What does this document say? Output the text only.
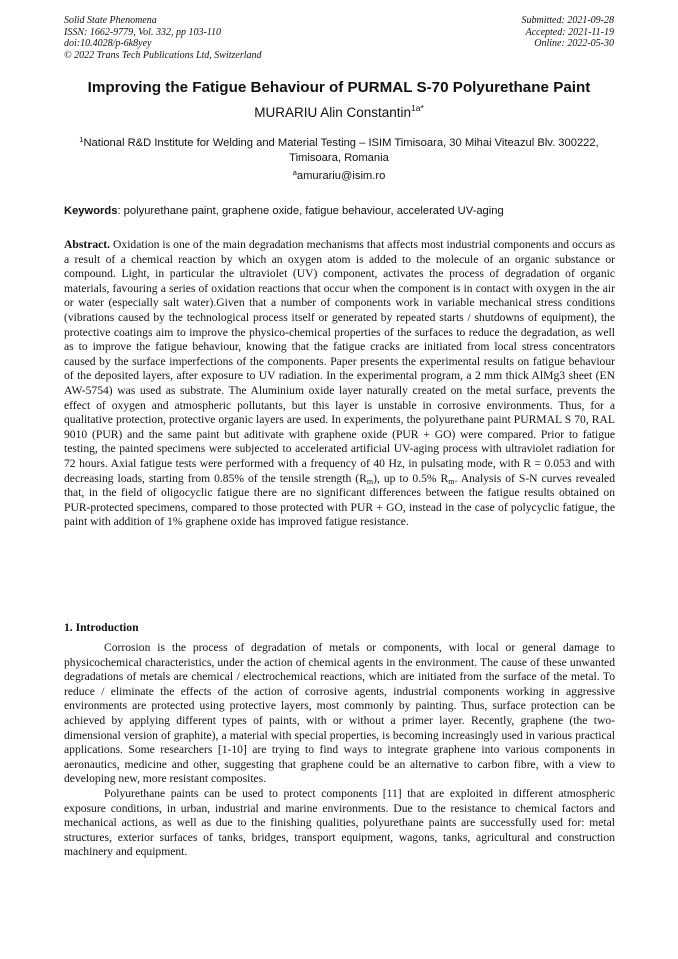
Solid State Phenomena
ISSN: 1662-9779, Vol. 332, pp 103-110
doi:10.4028/p-6k8yey
© 2022 Trans Tech Publications Ltd, Switzerland
Submitted: 2021-09-28
Accepted: 2021-11-19
Online: 2022-05-30
Improving the Fatigue Behaviour of PURMAL S-70 Polyurethane Paint
MURARIU Alin Constantin$^{1a*}$
$^1$National R&D Institute for Welding and Material Testing – ISIM Timisoara, 30 Mihai Viteazul Blv. 300222, Timisoara, Romania
$^a$amurariu@isim.ro
Keywords: polyurethane paint, graphene oxide, fatigue behaviour, accelerated UV-aging

Abstract. Oxidation is one of the main degradation mechanisms that affects most industrial components and occurs as a result of a chemical reaction by which an oxygen atom is added to the molecule of an organic substance or compound. Light, in particular the ultraviolet (UV) component, activates the process of degradation of organic materials, favouring a series of oxidation reactions that occur when the component is in contact with oxygen in the air or water (especially salt water).Given that a number of components work in variable mechanical stress conditions (vibrations caused by the technological process itself or generated by repeated starts / shutdowns of equipment), the protective coatings aim to improve the physico-chemical properties of the surfaces to reduce the degradation, as well as to improve the fatigue behaviour, knowing that the fatigue cracks are initiated from local stress concentrators caused by the surface imperfections of the components. Paper presents the experimental results on fatigue behaviour of the deposited layers, after exposure to UV radiation. In the experimental program, a 2 mm thick AlMg3 sheet (EN AW-5754) was used as substrate. The Aluminium oxide layer naturally created on the metal surface, prevents the effect of oxygen and atmospheric pollutants, but this layer is unstable in corrosive environments. Thus, for a qualitative protection, protective organic layers are used. In experiments, the polyurethane paint PURMAL S 70, RAL 9010 (PUR) and the same paint but aditivate with graphene oxide (PUR + GO) were compared. Prior to fatigue testing, the painted specimens were subjected to accelerated artificial UV-aging process with ultraviolet radiation for 72 hours. Axial fatigue tests were performed with a frequency of 40 Hz, in pulsating mode, with R = 0.053 and with decreasing loads, starting from 0.85% of the tensile strength $(R_m)$, up to 0.5% $R_m$. Analysis of S-N curves revealed that, in the field of oligocyclic fatigue there are no significant differences between the fatigue results obtained on PUR-protected specimens, compared to those protected with PUR + GO, instead in the case of polycyclic fatigue, the paint with addition of 1% graphene oxide has improved fatigue resistance.

1. Introduction

Corrosion is the process of degradation of metals or components, with local or general damage to physicochemical characteristics, under the action of chemical agents in the environment. The cause of these unwanted degradations of metals are chemical / electrochemical reactions, which are initiated from the surface of the metal. To reduce / eliminate the effects of the action of corrosive agents, industrial components working in aggressive environments are protected using protective layers, most commonly by painting. Thus, surface protection can be achieved by applying different types of paints, with or without a primer layer. Recently, graphene (the two-dimensional version of graphite), a material with special properties, is becoming increasingly used in various practical applications. Some researchers [1-10] are trying to find ways to integrate graphene into various components in aeronautics, medicine and other, suggesting that graphene could be an alternative to carbon fibre, with a view to developing new, more resistant composites.

Polyurethane paints can be used to protect components [11] that are exploited in different atmospheric exposure conditions, in urban, industrial and marine environments. Due to the resistance to chemical factors and mechanical actions, as well as due to the finishing qualities, polyurethane paints are successfully used for: metal structures, exterior surfaces of tanks, bridges, transport equipment, wagons, tanks, agricultural and construction machinery and equipment.
